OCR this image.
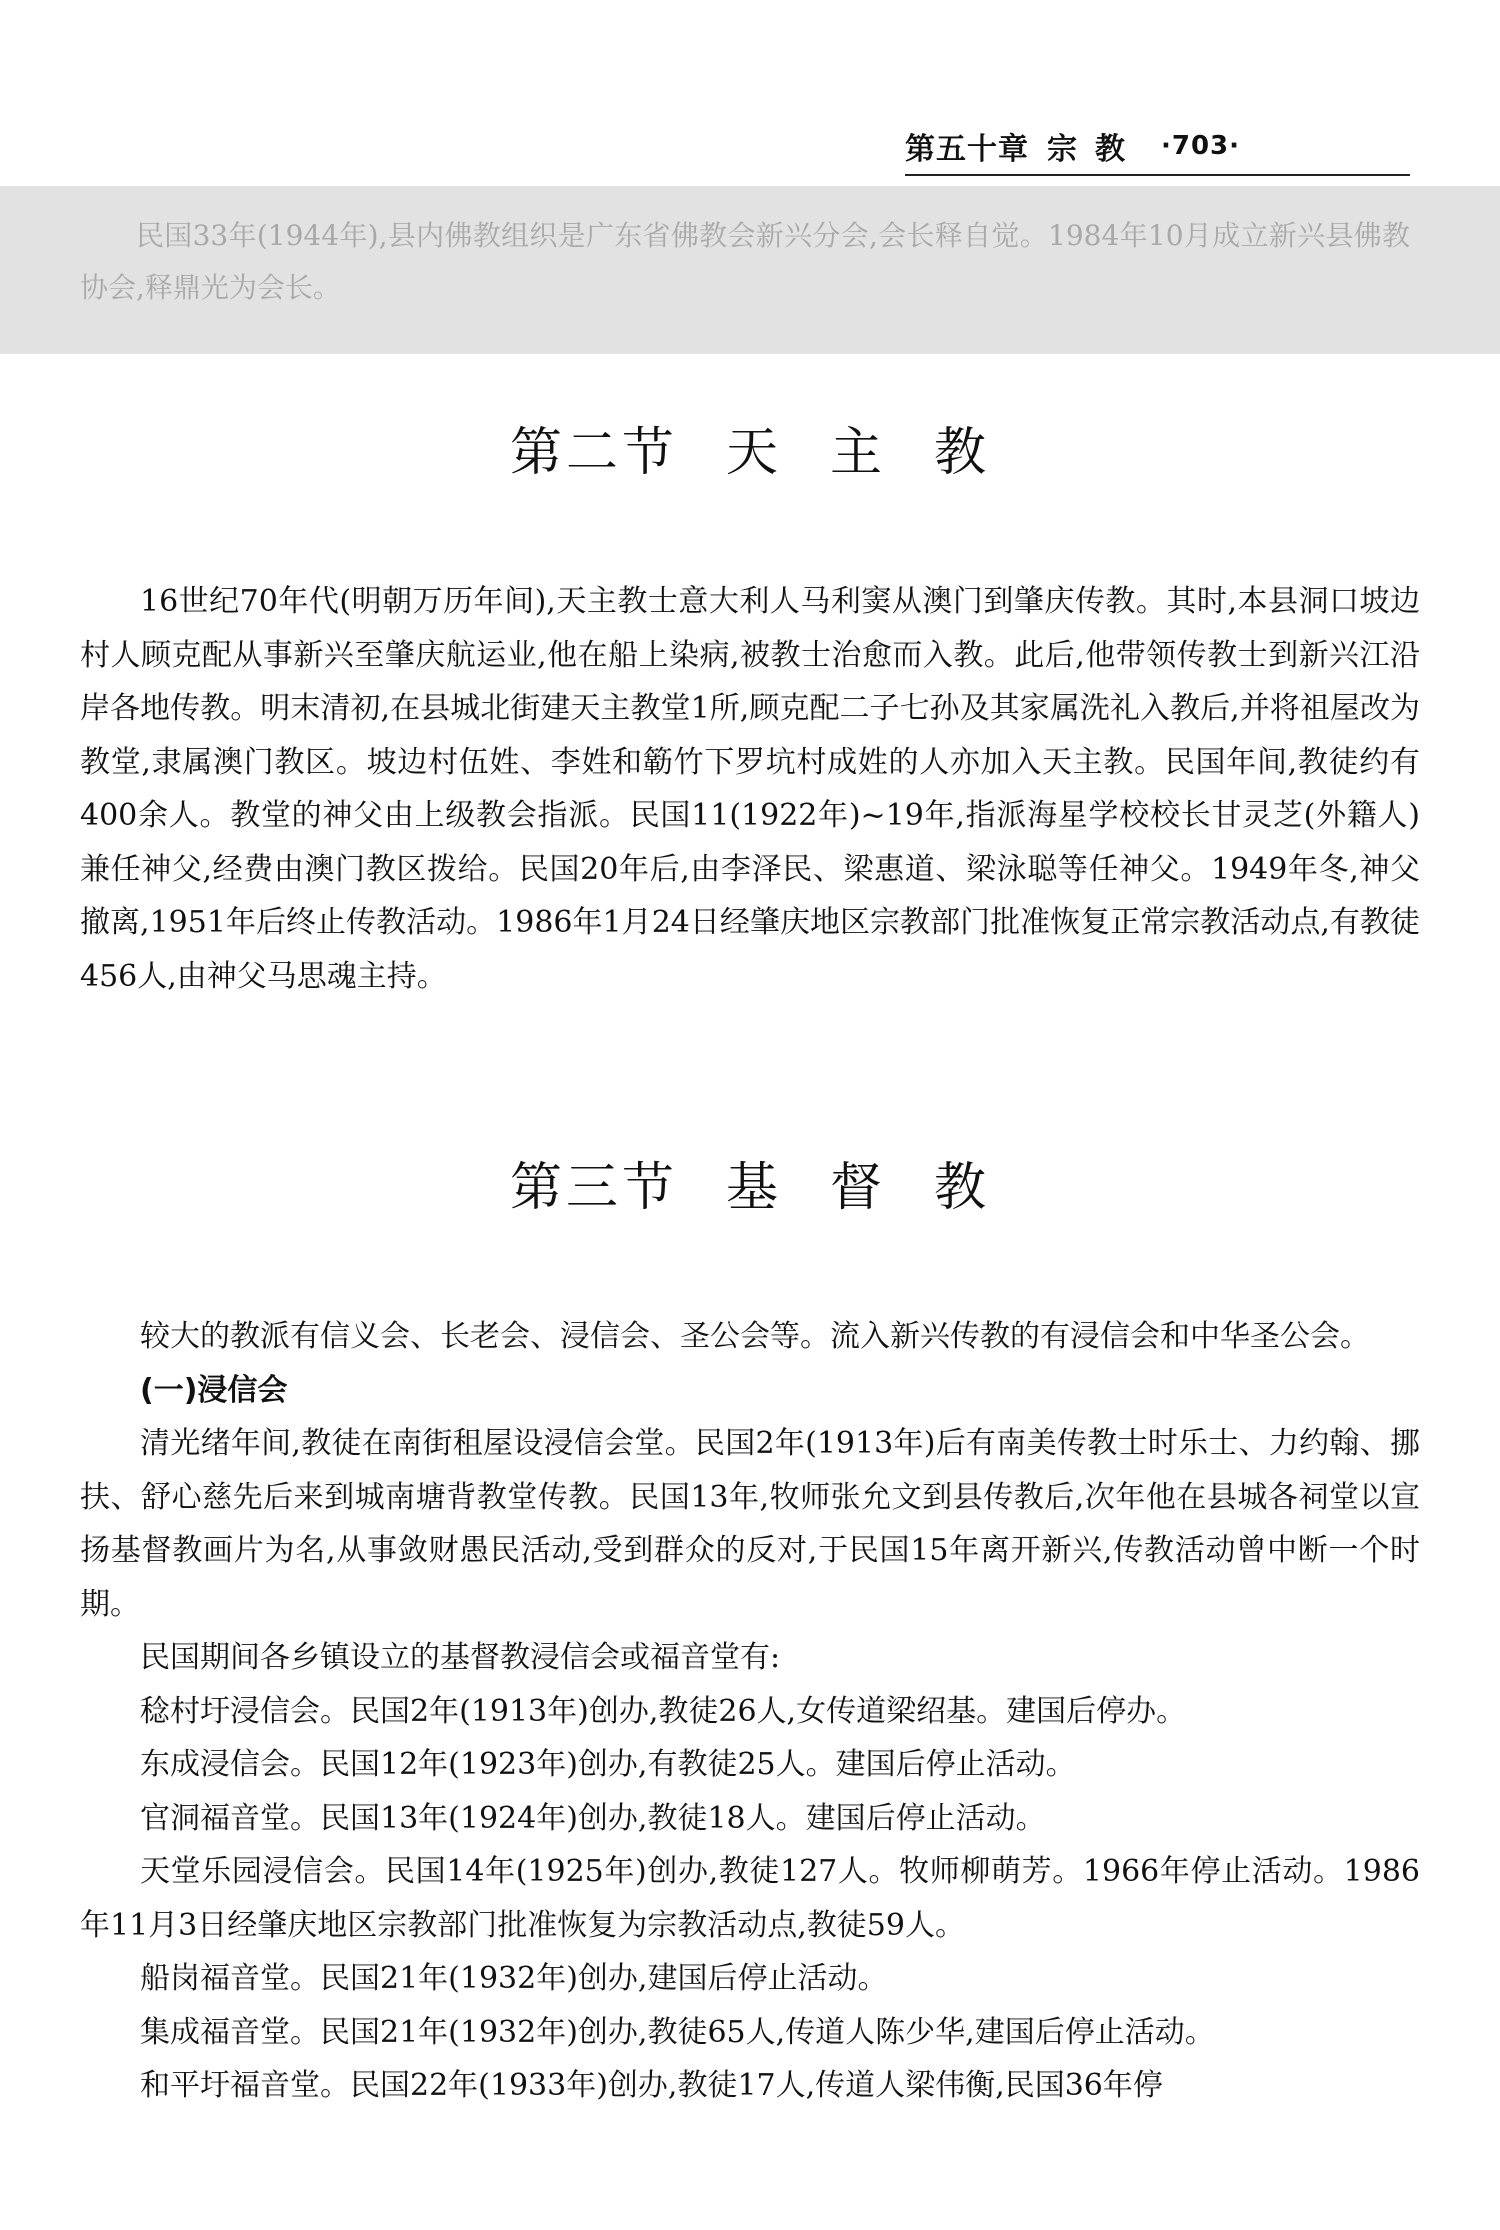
第五十章 宗教 ·703·

民国33年(1944年),县内佛教组织是广东省佛教会新兴分会,会长释自觉。1984年10月成立新兴县佛教协会,释鼎光为会长。

第二节 天 主 教

16世纪70年代(明朝万历年间),天主教士意大利人马利窦从澳门到肇庆传教。其时,本县洞口坡边村人顾克配从事新兴至肇庆航运业,他在船上染病,被教士治愈而入教。此后,他带领传教士到新兴江沿岸各地传教。明末清初,在县城北街建天主教堂1所,顾克配二子七孙及其家属洗礼入教后,并将祖屋改为教堂,隶属澳门教区。坡边村伍姓、李姓和簕竹下罗坑村成姓的人亦加入天主教。民国年间,教徒约有400余人。教堂的神父由上级教会指派。民国11(1922年)~19年,指派海星学校校长甘灵芝(外籍人)兼任神父,经费由澳门教区拨给。民国20年后,由李泽民、梁惠道、梁泳聪等任神父。1949年冬,神父撤离,1951年后终止传教活动。1986年1月24日经肇庆地区宗教部门批准恢复正常宗教活动点,有教徒456人,由神父马思魂主持。

第三节 基 督 教

较大的教派有信义会、长老会、浸信会、圣公会等。流入新兴传教的有浸信会和中华圣公会。

(一)浸信会

清光绪年间,教徒在南街租屋设浸信会堂。民国2年(1913年)后有南美传教士时乐士、力约翰、挪扶、舒心慈先后来到城南塘背教堂传教。民国13年,牧师张允文到县传教后,次年他在县城各祠堂以宣扬基督教画片为名,从事敛财愚民活动,受到群众的反对,于民国15年离开新兴,传教活动曾中断一个时期。

民国期间各乡镇设立的基督教浸信会或福音堂有:

稔村圩浸信会。民国2年(1913年)创办,教徒26人,女传道梁绍基。建国后停办。

东成浸信会。民国12年(1923年)创办,有教徒25人。建国后停止活动。

官洞福音堂。民国13年(1924年)创办,教徒18人。建国后停止活动。

天堂乐园浸信会。民国14年(1925年)创办,教徒127人。牧师柳萌芳。1966年停止活动。1986年11月3日经肇庆地区宗教部门批准恢复为宗教活动点,教徒59人。

船岗福音堂。民国21年(1932年)创办,建国后停止活动。

集成福音堂。民国21年(1932年)创办,教徒65人,传道人陈少华,建国后停止活动。

和平圩福音堂。民国22年(1933年)创办,教徒17人,传道人梁伟衡,民国36年停
